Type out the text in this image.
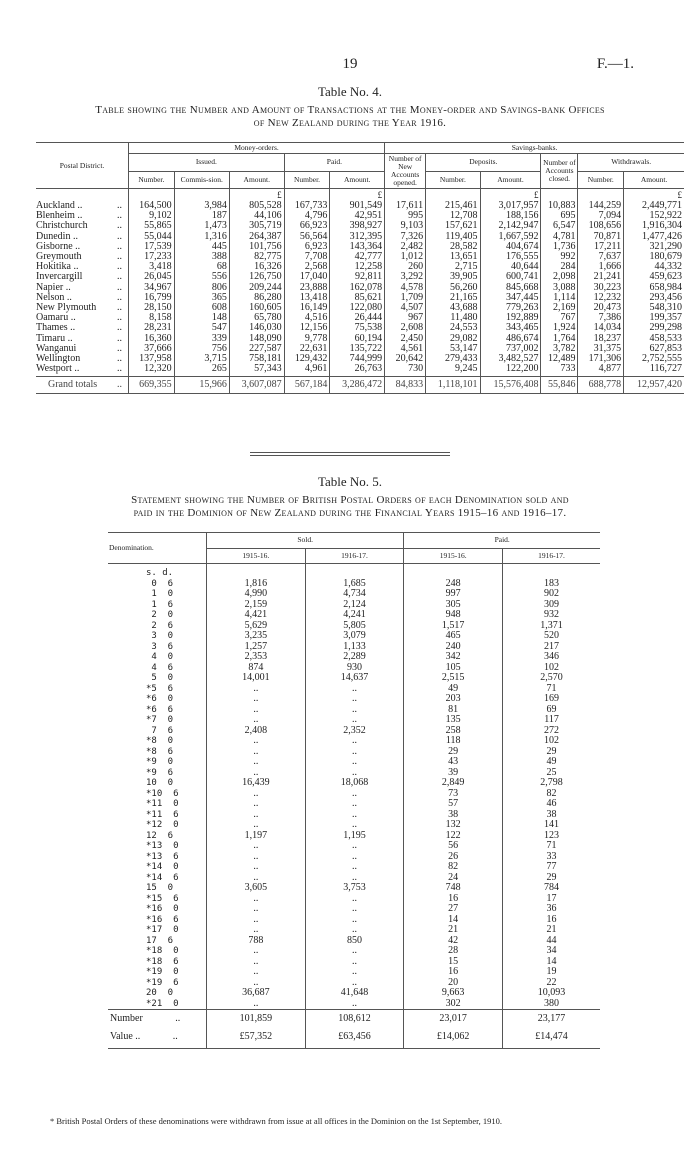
19	F.—1.
Table No. 4.
Table showing the Number and Amount of Transactions at the Money-order and Savings-bank Offices
of New Zealand during the Year 1916.
Postal District.	Money-orders.					Savings-banks.					
	Issued.			Paid.		Number of New Accounts opened.	Deposits.		Number of Accounts closed.	Withdrawals.	
	Number.	Commis-sion.	Amount.	Number.	Amount.		Number.	Amount.		Number.	Amount.
			£		£			£			£
Auckland .. ..	164,500	3,984	805,528	167,733	901,549	17,611	215,461	3,017,957	10,883	144,259	2,449,771
Blenheim .. ..	9,102	187	44,106	4,796	42,951	995	12,708	188,156	695	7,094	152,922
Christchurch ..	55,865	1,473	305,719	66,923	398,927	9,103	157,621	2,142,947	6,547	108,656	1,916,304
Dunedin .. ..	55,044	1,316	264,387	56,564	312,395	7,326	119,405	1,667,592	4,781	70,871	1,477,426
Gisborne .. ..	17,539	445	101,756	6,923	143,364	2,482	28,582	404,674	1,736	17,211	321,290
Greymouth ..	17,233	388	82,775	7,708	42,777	1,012	13,651	176,555	992	7,637	180,679
Hokitika .. ..	3,418	68	16,326	2,568	12,258	260	2,715	40,644	284	1,666	44,332
Invercargill ..	26,045	556	126,750	17,040	92,811	3,292	39,905	600,741	2,098	21,241	459,623
Napier .. ..	34,967	806	209,244	23,888	162,078	4,578	56,260	845,668	3,088	30,223	658,984
Nelson .. ..	16,799	365	86,280	13,418	85,621	1,709	21,165	347,445	1,114	12,232	293,456
New Plymouth ..	28,150	608	160,605	16,149	122,080	4,507	43,688	779,263	2,169	20,473	548,310
Oamaru .. ..	8,158	148	65,780	4,516	26,444	967	11,480	192,889	767	7,386	199,357
Thames .. ..	28,231	547	146,030	12,156	75,538	2,608	24,553	343,465	1,924	14,034	299,298
Timaru .. ..	16,360	339	148,090	9,778	60,194	2,450	29,082	486,674	1,764	18,237	458,533
Wanganui ..	37,666	756	227,587	22,631	135,722	4,561	53,147	737,002	3,782	31,375	627,853
Wellington ..	137,958	3,715	758,181	129,432	744,999	20,642	279,433	3,482,527	12,489	171,306	2,752,555
Westport .. ..	12,320	265	57,343	4,961	26,763	730	9,245	122,200	733	4,877	116,727

Grand totals ..	669,355	15,966	3,607,087	567,184	3,286,472	84,833	1,118,101	15,576,408	55,846	688,778	12,957,420

Table No. 5.
Statement showing the Number of British Postal Orders of each Denomination sold and
paid in the Dominion of New Zealand during the Financial Years 1915–16 and 1916–17.
Denomination.	Sold.		Paid.	
	1915-16.	1916-17.	1915-16.	1916-17.
s. d.				
0  6	1,816	1,685	248	183
1  0	4,990	4,734	997	902
1  6	2,159	2,124	305	309
2  0	4,421	4,241	948	932
2  6	5,629	5,805	1,517	1,371
3  0	3,235	3,079	465	520
3  6	1,257	1,133	240	217
4  0	2,353	2,289	342	346
4  6	874	930	105	102
5  0	14,001	14,637	2,515	2,570
*5  6	..	..	49	71
*6  0	..	..	203	169
*6  6	..	..	81	69
*7  0	..	..	135	117
7  6	2,408	2,352	258	272
*8  0	..	..	118	102
*8  6	..	..	29	29
*9  0	..	..	43	49
*9  6	..	..	39	25
10  0	16,439	18,068	2,849	2,798
*10  6	..	..	73	82
*11  0	..	..	57	46
*11  6	..	..	38	38
*12  0	..	..	132	141
12  6	1,197	1,195	122	123
*13  0	..	..	56	71
*13  6	..	..	26	33
*14  0	..	..	82	77
*14  6	..	..	24	29
15  0	3,605	3,753	748	784
*15  6	..	..	16	17
*16  0	..	..	27	36
*16  6	..	..	14	16
*17  0	..	..	21	21
17  6	788	850	42	44
*18  0	..	..	28	34
*18  6	..	..	15	14
*19  0	..	..	16	19
*19  6	..	..	20	22
20  0	36,687	41,648	9,663	10,093
*21  0	..	..	302	380
Number ..	101,859	108,612	23,017	23,177
Value .. ..	£57,352	£63,456	£14,062	£14,474
* British Postal Orders of these denominations were withdrawn from issue at all offices in the Dominion on the 1st September, 1910.
